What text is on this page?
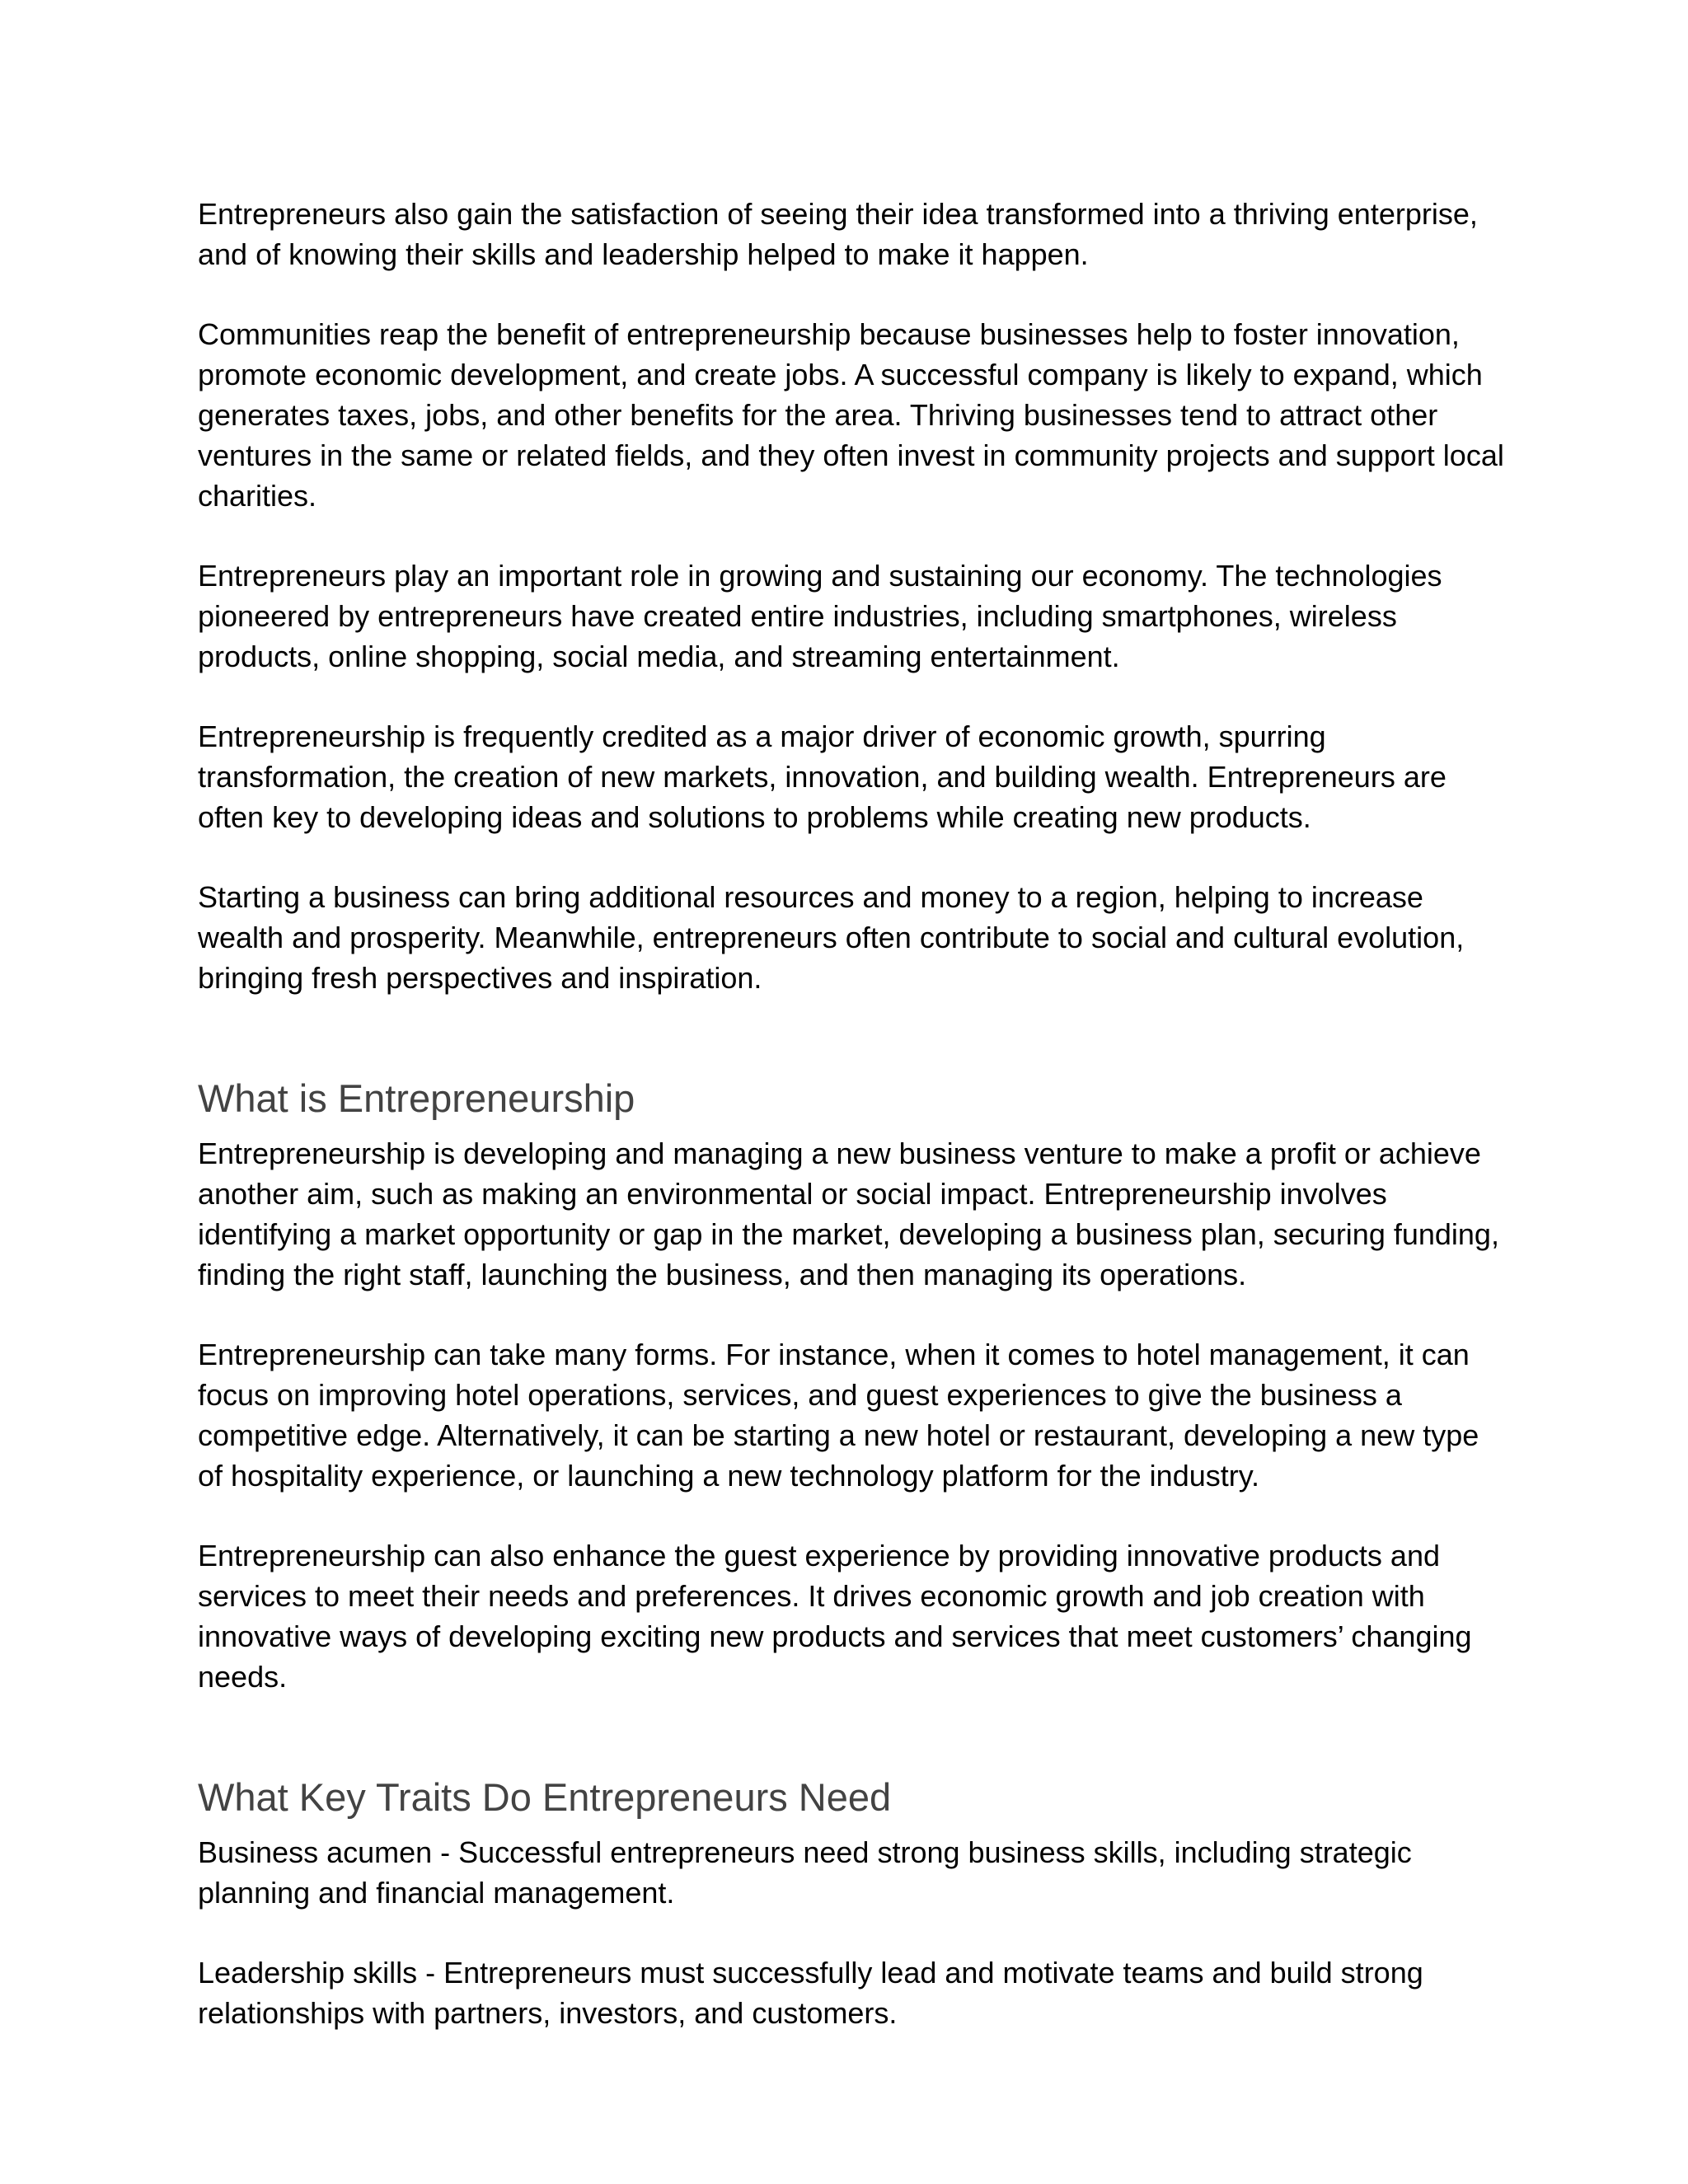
Entrepreneurs also gain the satisfaction of seeing their idea transformed into a thriving enterprise, and of knowing their skills and leadership helped to make it happen.

Communities reap the benefit of entrepreneurship because businesses help to foster innovation, promote economic development, and create jobs. A successful company is likely to expand, which generates taxes, jobs, and other benefits for the area. Thriving businesses tend to attract other ventures in the same or related fields, and they often invest in community projects and support local charities.

Entrepreneurs play an important role in growing and sustaining our economy. The technologies pioneered by entrepreneurs have created entire industries, including smartphones, wireless products, online shopping, social media, and streaming entertainment.

Entrepreneurship is frequently credited as a major driver of economic growth, spurring transformation, the creation of new markets, innovation, and building wealth. Entrepreneurs are often key to developing ideas and solutions to problems while creating new products.

Starting a business can bring additional resources and money to a region, helping to increase wealth and prosperity. Meanwhile, entrepreneurs often contribute to social and cultural evolution, bringing fresh perspectives and inspiration.

What is Entrepreneurship

Entrepreneurship is developing and managing a new business venture to make a profit or achieve another aim, such as making an environmental or social impact. Entrepreneurship involves identifying a market opportunity or gap in the market, developing a business plan, securing funding, finding the right staff, launching the business, and then managing its operations.

Entrepreneurship can take many forms. For instance, when it comes to hotel management, it can focus on improving hotel operations, services, and guest experiences to give the business a competitive edge. Alternatively, it can be starting a new hotel or restaurant, developing a new type of hospitality experience, or launching a new technology platform for the industry.

Entrepreneurship can also enhance the guest experience by providing innovative products and services to meet their needs and preferences. It drives economic growth and job creation with innovative ways of developing exciting new products and services that meet customers’ changing needs.

What Key Traits Do Entrepreneurs Need

Business acumen - Successful entrepreneurs need strong business skills, including strategic planning and financial management.

Leadership skills - Entrepreneurs must successfully lead and motivate teams and build strong relationships with partners, investors, and customers.
